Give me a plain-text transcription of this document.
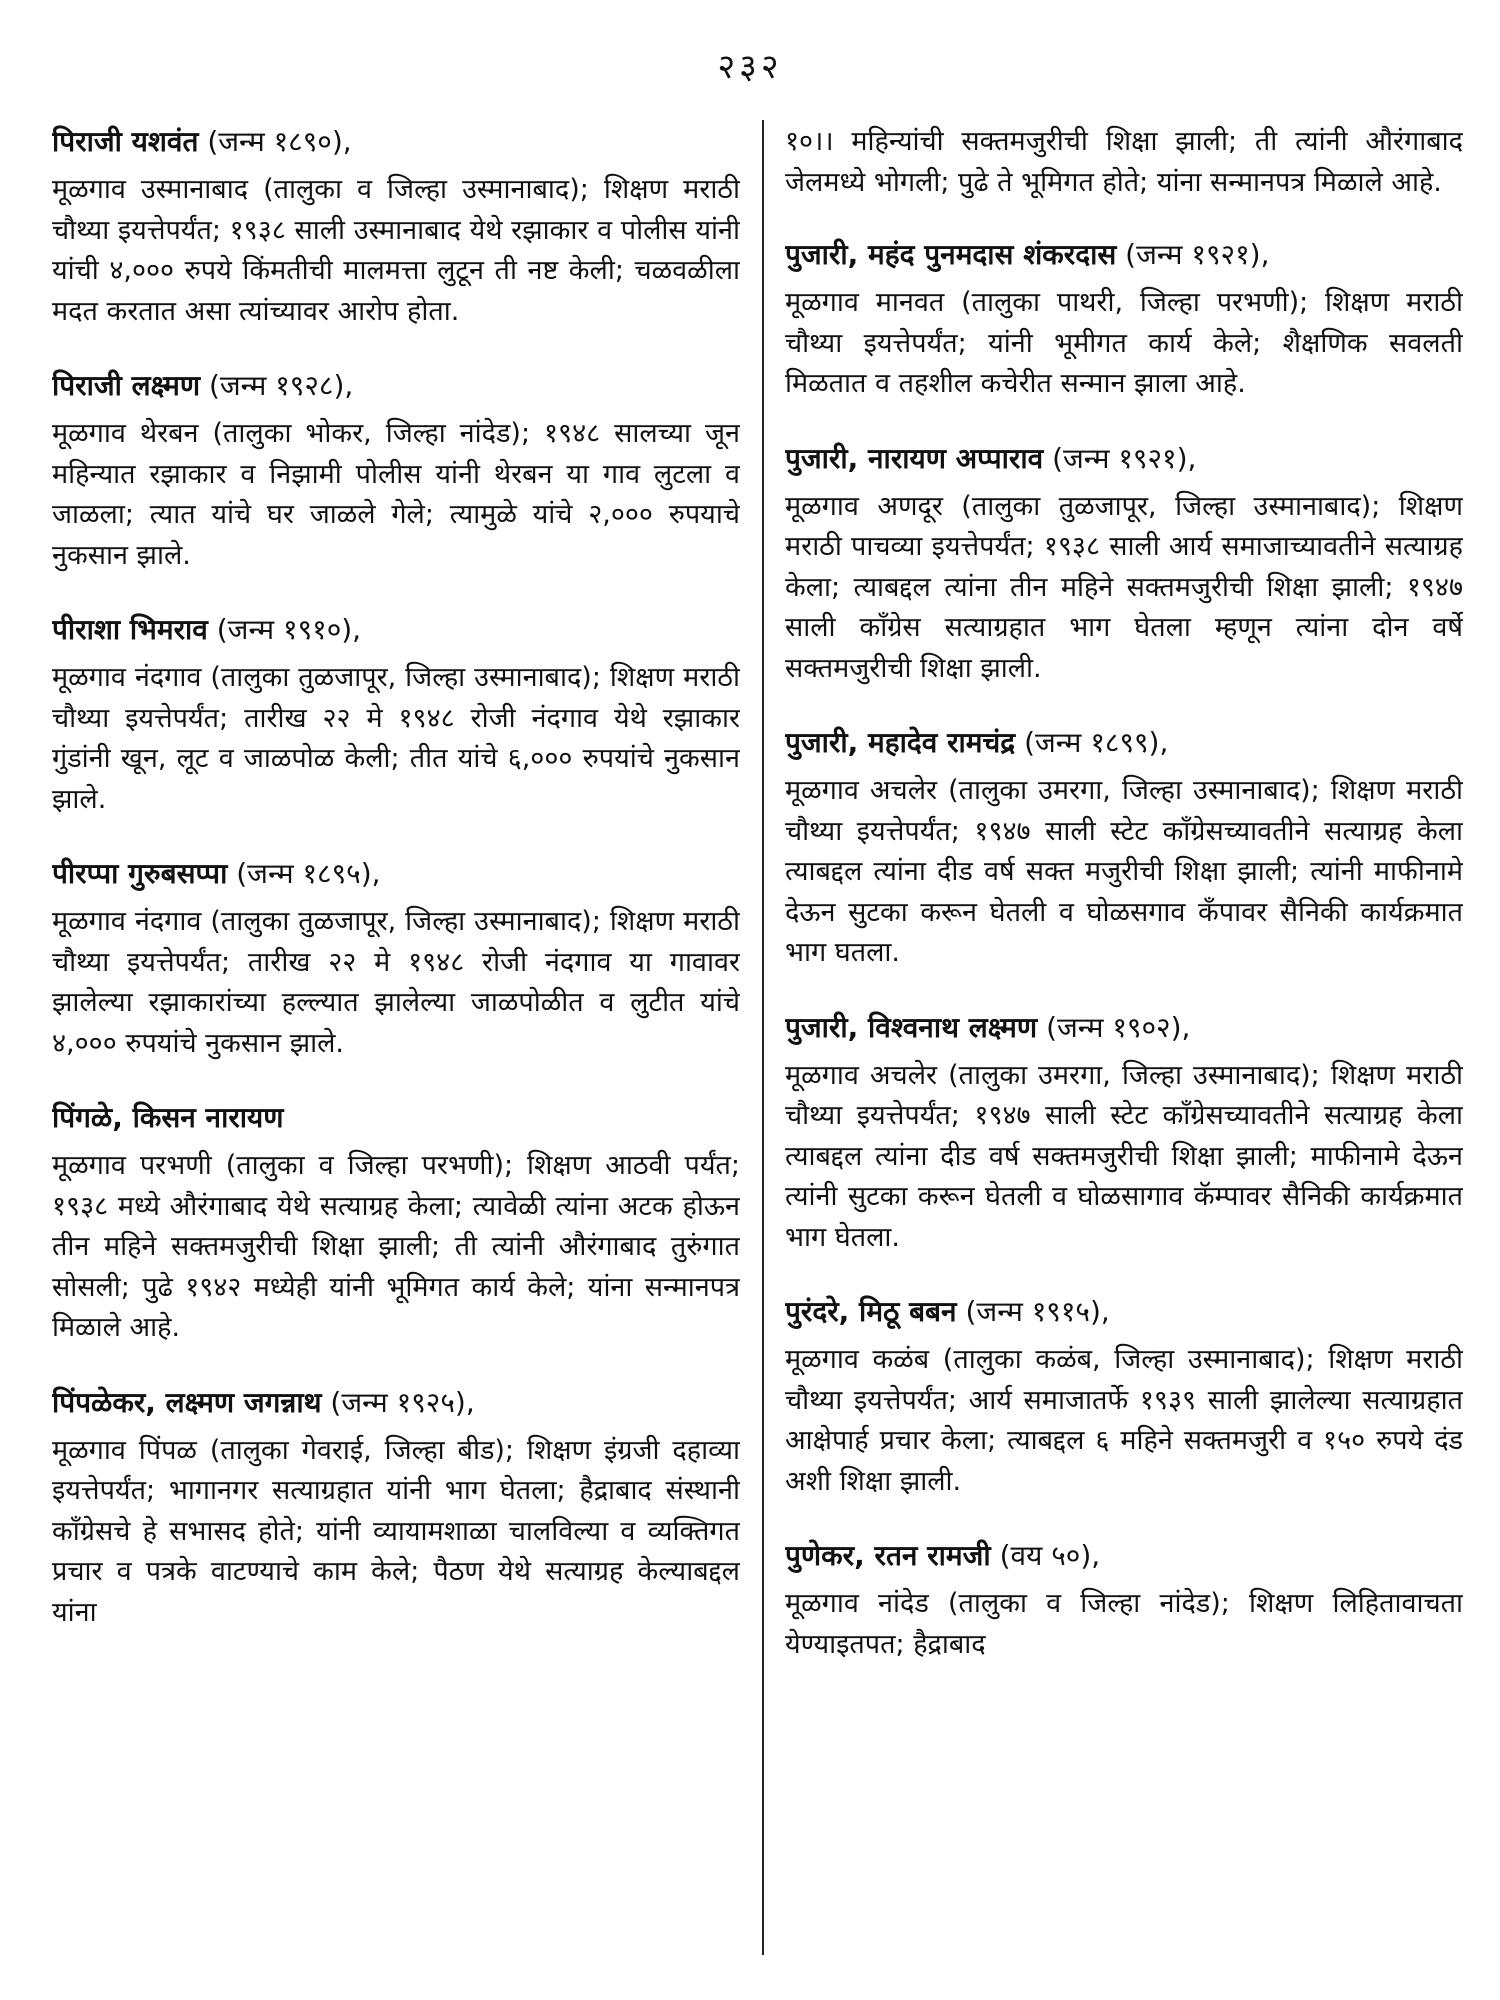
२३२
पिराजी यशवंत (जन्म १८९०),

मूळगाव उस्मानाबाद (तालुका व जिल्हा उस्मानाबाद); शिक्षण मराठी चौथ्या इयत्तेपर्यंत; १९३८ साली उस्मानाबाद येथे रझाकार व पोलीस यांनी यांची ४,००० रुपये किंमतीची मालमत्ता लुटून ती नष्ट केली; चळवळीला मदत करतात असा त्यांच्यावर आरोप होता.

पिराजी लक्ष्मण (जन्म १९२८),

मूळगाव थेरबन (तालुका भोकर, जिल्हा नांदेड); १९४८ सालच्या जून महिन्यात रझाकार व निझामी पोलीस यांनी थेरबन या गाव लुटला व जाळला; त्यात यांचे घर जाळले गेले; त्यामुळे यांचे २,००० रुपयाचे नुकसान झाले.

पीराशा भिमराव (जन्म १९१०),

मूळगाव नंदगाव (तालुका तुळजापूर, जिल्हा उस्मानाबाद); शिक्षण मराठी चौथ्या इयत्तेपर्यंत; तारीख २२ मे १९४८ रोजी नंदगाव येथे रझाकार गुंडांनी खून, लूट व जाळपोळ केली; तीत यांचे ६,००० रुपयांचे नुकसान झाले.

पीरप्पा गुरुबसप्पा (जन्म १८९५),

मूळगाव नंदगाव (तालुका तुळजापूर, जिल्हा उस्मानाबाद); शिक्षण मराठी चौथ्या इयत्तेपर्यंत; तारीख २२ मे १९४८ रोजी नंदगाव या गावावर झालेल्या रझाकारांच्या हल्ल्यात झालेल्या जाळपोळीत व लुटीत यांचे ४,००० रुपयांचे नुकसान झाले.

पिंगळे, किसन नारायण

मूळगाव परभणी (तालुका व जिल्हा परभणी); शिक्षण आठवी पर्यंत; १९३८ मध्ये औरंगाबाद येथे सत्याग्रह केला; त्यावेळी त्यांना अटक होऊन तीन महिने सक्तमजुरीची शिक्षा झाली; ती त्यांनी औरंगाबाद तुरुंगात सोसली; पुढे १९४२ मध्येही यांनी भूमिगत कार्य केले; यांना सन्मानपत्र मिळाले आहे.

पिंपळेकर, लक्ष्मण जगन्नाथ (जन्म १९२५),

मूळगाव पिंपळ (तालुका गेवराई, जिल्हा बीड); शिक्षण इंग्रजी दहाव्या इयत्तेपर्यंत; भागानगर सत्याग्रहात यांनी भाग घेतला; हैद्राबाद संस्थानी कॉंग्रेसचे हे सभासद होते; यांनी व्यायामशाळा चालविल्या व व्यक्तिगत प्रचार व पत्रके वाटण्याचे काम केले; पैठण येथे सत्याग्रह केल्याबद्दल यांना

१०।। महिन्यांची सक्तमजुरीची शिक्षा झाली; ती त्यांनी औरंगाबाद जेलमध्ये भोगली; पुढे ते भूमिगत होते; यांना सन्मानपत्र मिळाले आहे.

पुजारी, महंद पुनमदास शंकरदास (जन्म १९२१),

मूळगाव मानवत (तालुका पाथरी, जिल्हा परभणी); शिक्षण मराठी चौथ्या इयत्तेपर्यंत; यांनी भूमीगत कार्य केले; शैक्षणिक सवलती मिळतात व तहशील कचेरीत सन्मान झाला आहे.

पुजारी, नारायण अप्पाराव (जन्म १९२१),

मूळगाव अणदूर (तालुका तुळजापूर, जिल्हा उस्मानाबाद); शिक्षण मराठी पाचव्या इयत्तेपर्यंत; १९३८ साली आर्य समाजाच्यावतीने सत्याग्रह केला; त्याबद्दल त्यांना तीन महिने सक्तमजुरीची शिक्षा झाली; १९४७ साली कॉंग्रेस सत्याग्रहात भाग घेतला म्हणून त्यांना दोन वर्षे सक्तमजुरीची शिक्षा झाली.

पुजारी, महादेव रामचंद्र (जन्म १८९९),

मूळगाव अचलेर (तालुका उमरगा, जिल्हा उस्मानाबाद); शिक्षण मराठी चौथ्या इयत्तेपर्यंत; १९४७ साली स्टेट कॉंग्रेसच्यावतीने सत्याग्रह केला त्याबद्दल त्यांना दीड वर्ष सक्त मजुरीची शिक्षा झाली; त्यांनी माफीनामे देऊन सुटका करून घेतली व घोळसगाव कँपावर सैनिकी कार्यक्रमात भाग घतला.

पुजारी, विश्वनाथ लक्ष्मण (जन्म १९०२),

मूळगाव अचलेर (तालुका उमरगा, जिल्हा उस्मानाबाद); शिक्षण मराठी चौथ्या इयत्तेपर्यंत; १९४७ साली स्टेट कॉंग्रेसच्यावतीने सत्याग्रह केला त्याबद्दल त्यांना दीड वर्ष सक्तमजुरीची शिक्षा झाली; माफीनामे देऊन त्यांनी सुटका करून घेतली व घोळसागाव कॅम्पावर सैनिकी कार्यक्रमात भाग घेतला.

पुरंदरे, मिठू बबन (जन्म १९१५),

मूळगाव कळंब (तालुका कळंब, जिल्हा उस्मानाबाद); शिक्षण मराठी चौथ्या इयत्तेपर्यंत; आर्य समाजातर्फे १९३९ साली झालेल्या सत्याग्रहात आक्षेपार्ह प्रचार केला; त्याबद्दल ६ महिने सक्तमजुरी व १५० रुपये दंड अशी शिक्षा झाली.

पुणेकर, रतन रामजी (वय ५०),

मूळगाव नांदेड (तालुका व जिल्हा नांदेड); शिक्षण लिहितावाचता येण्याइतपत; हैद्राबाद
